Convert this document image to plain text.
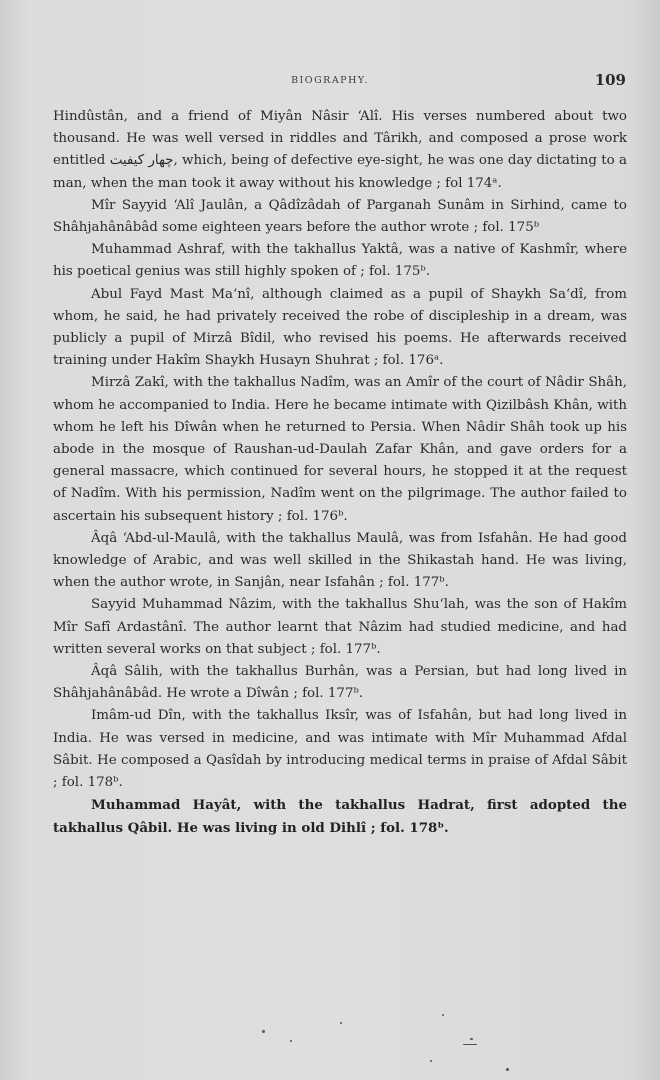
BIOGRAPHY.	109

Hindûstân, and a friend of Miyân Nâsir ‘Alî. His verses numbered about two thousand. He was well versed in riddles and Târikh, and composed a prose work entitled چهار کیفیت, which, being of defective eye-sight, he was one day dictating to a man, when the man took it away without his knowledge ; fol 174ᵃ.

Mîr Sayyid ‘Alî Jaulân, a Qâdîzâdah of Parganah Sunâm in Sirhind, came to Shâhjahânâbâd some eighteen years before the author wrote ; fol. 175ᵇ

Muhammad Ashraf, with the takhallus Yaktâ, was a native of Kashmîr, where his poetical genius was still highly spoken of ; fol. 175ᵇ.

Abul Fayd Mast Ma‘nî, although claimed as a pupil of Shaykh Sa‘dî, from whom, he said, he had privately received the robe of discipleship in a dream, was publicly a pupil of Mirzâ Bîdil, who revised his poems. He afterwards received training under Hakîm Shaykh Husayn Shuhrat ; fol. 176ᵃ.

Mirzâ Zakî, with the takhallus Nadîm, was an Amîr of the court of Nâdir Shâh, whom he accompanied to India. Here he became intimate with Qizilbâsh Khân, with whom he left his Dîwân when he returned to Persia. When Nâdir Shâh took up his abode in the mosque of Raushan-ud-Daulah Zafar Khân, and gave orders for a general massacre, which continued for several hours, he stopped it at the request of Nadîm. With his permission, Nadîm went on the pilgrimage. The author failed to ascertain his subsequent history ; fol. 176ᵇ.

Âqâ ‘Abd-ul-Maulâ, with the takhallus Maulâ, was from Isfahân. He had good knowledge of Arabic, and was well skilled in the Shikastah hand. He was living, when the author wrote, in Sanjân, near Isfahân ; fol. 177ᵇ.

Sayyid Muhammad Nâzim, with the takhallus Shu‘lah, was the son of Hakîm Mîr Safî Ardastânî. The author learnt that Nâzim had studied medicine, and had written several works on that subject ; fol. 177ᵇ.

Âqâ Sâlih, with the takhallus Burhân, was a Persian, but had long lived in Shâhjahânâbâd. He wrote a Dîwân ; fol. 177ᵇ.

Imâm-ud Dîn, with the takhallus Iksîr, was of Isfahân, but had long lived in India. He was versed in medicine, and was intimate with Mîr Muhammad Afdal Sâbit. He composed a Qasîdah by introducing medical terms in praise of Afdal Sâbit ; fol. 178ᵇ.

Muhammad Hayât, with the takhallus Hadrat, first adopted the takhallus Qâbil. He was living in old Dihlî ; fol. 178ᵇ.
